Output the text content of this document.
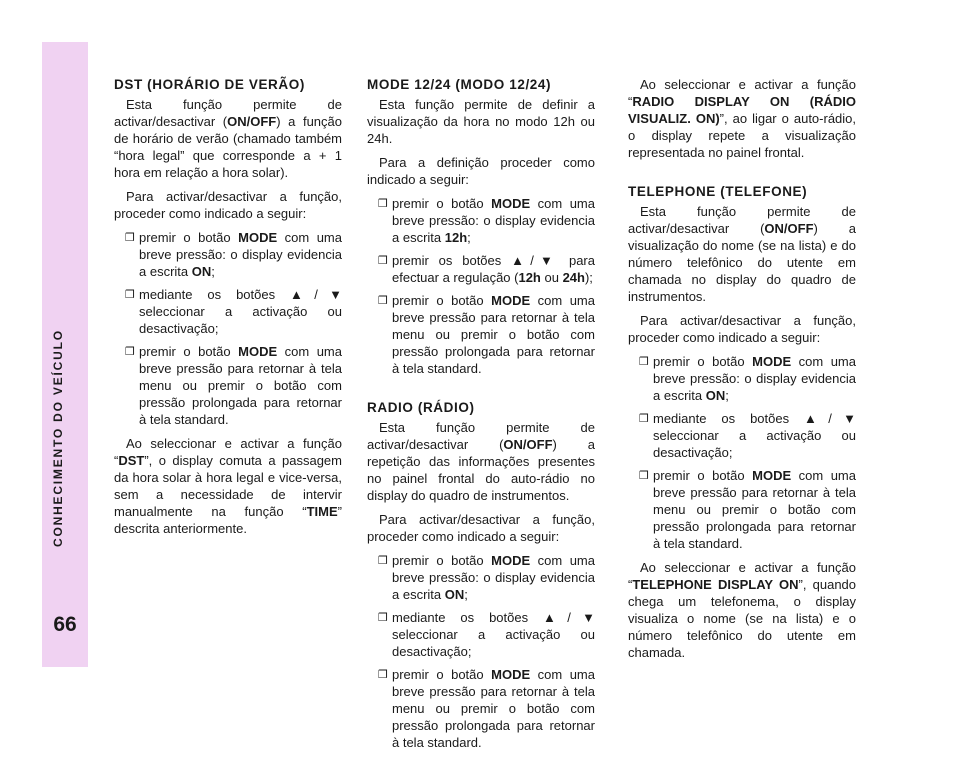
CONHECIMENTO DO VEÍCULO
66
DST (HORÁRIO DE VERÃO)

Esta função permite de activar/desactivar (ON/OFF) a função de horário de verão (chamado também “hora legal” que corresponde a + 1 hora em relação a hora solar).

Para activar/desactivar a função, proceder como indicado a seguir:

❒ premir o botão MODE com uma breve pressão: o display evidencia a escrita ON;
❒ mediante os botões ▲/▼ seleccionar a activação ou desactivação;
❒ premir o botão MODE com uma breve pressão para retornar à tela menu ou premir o botão com pressão prolongada para retornar à tela standard.

Ao seleccionar e activar a função “DST”, o display comuta a passagem da hora solar à hora legal e vice-versa, sem a necessidade de intervir manualmente na função “TIME” descrita anteriormente.

MODE 12/24 (MODO 12/24)

Esta função permite de definir a visualização da hora no modo 12h ou 24h.

Para a definição proceder como indicado a seguir:

❒ premir o botão MODE com uma breve pressão: o display evidencia a escrita 12h;
❒ premir os botões ▲/▼ para efectuar a regulação (12h ou 24h);
❒ premir o botão MODE com uma breve pressão para retornar à tela menu ou premir o botão com pressão prolongada para retornar à tela standard.
RADIO (RÁDIO)

Esta função permite de activar/desactivar (ON/OFF) a repetição das informações presentes no painel frontal do auto-rádio no display do quadro de instrumentos.

Para activar/desactivar a função, proceder como indicado a seguir:

❒ premir o botão MODE com uma breve pressão: o display evidencia a escrita ON;
❒ mediante os botões ▲/▼ seleccionar a activação ou desactivação;
❒ premir o botão MODE com uma breve pressão para retornar à tela menu ou premir o botão com pressão prolongada para retornar à tela standard.

Ao seleccionar e activar a função “RADIO DISPLAY ON (RÁDIO VISUALIZ. ON)”, ao ligar o auto-rádio, o display repete a visualização representada no painel frontal.

TELEPHONE (TELEFONE)

Esta função permite de activar/desactivar (ON/OFF) a visualização do nome (se na lista) e do número telefônico do utente em chamada no display do quadro de instrumentos.

Para activar/desactivar a função, proceder como indicado a seguir:

❒ premir o botão MODE com uma breve pressão: o display evidencia a escrita ON;
❒ mediante os botões ▲/▼ seleccionar a activação ou desactivação;
❒ premir o botão MODE com uma breve pressão para retornar à tela menu ou premir o botão com pressão prolongada para retornar à tela standard.

Ao seleccionar e activar a função “TELEPHONE DISPLAY ON”, quando chega um telefonema, o display visualiza o nome (se na lista) e o número telefônico do utente em chamada.
